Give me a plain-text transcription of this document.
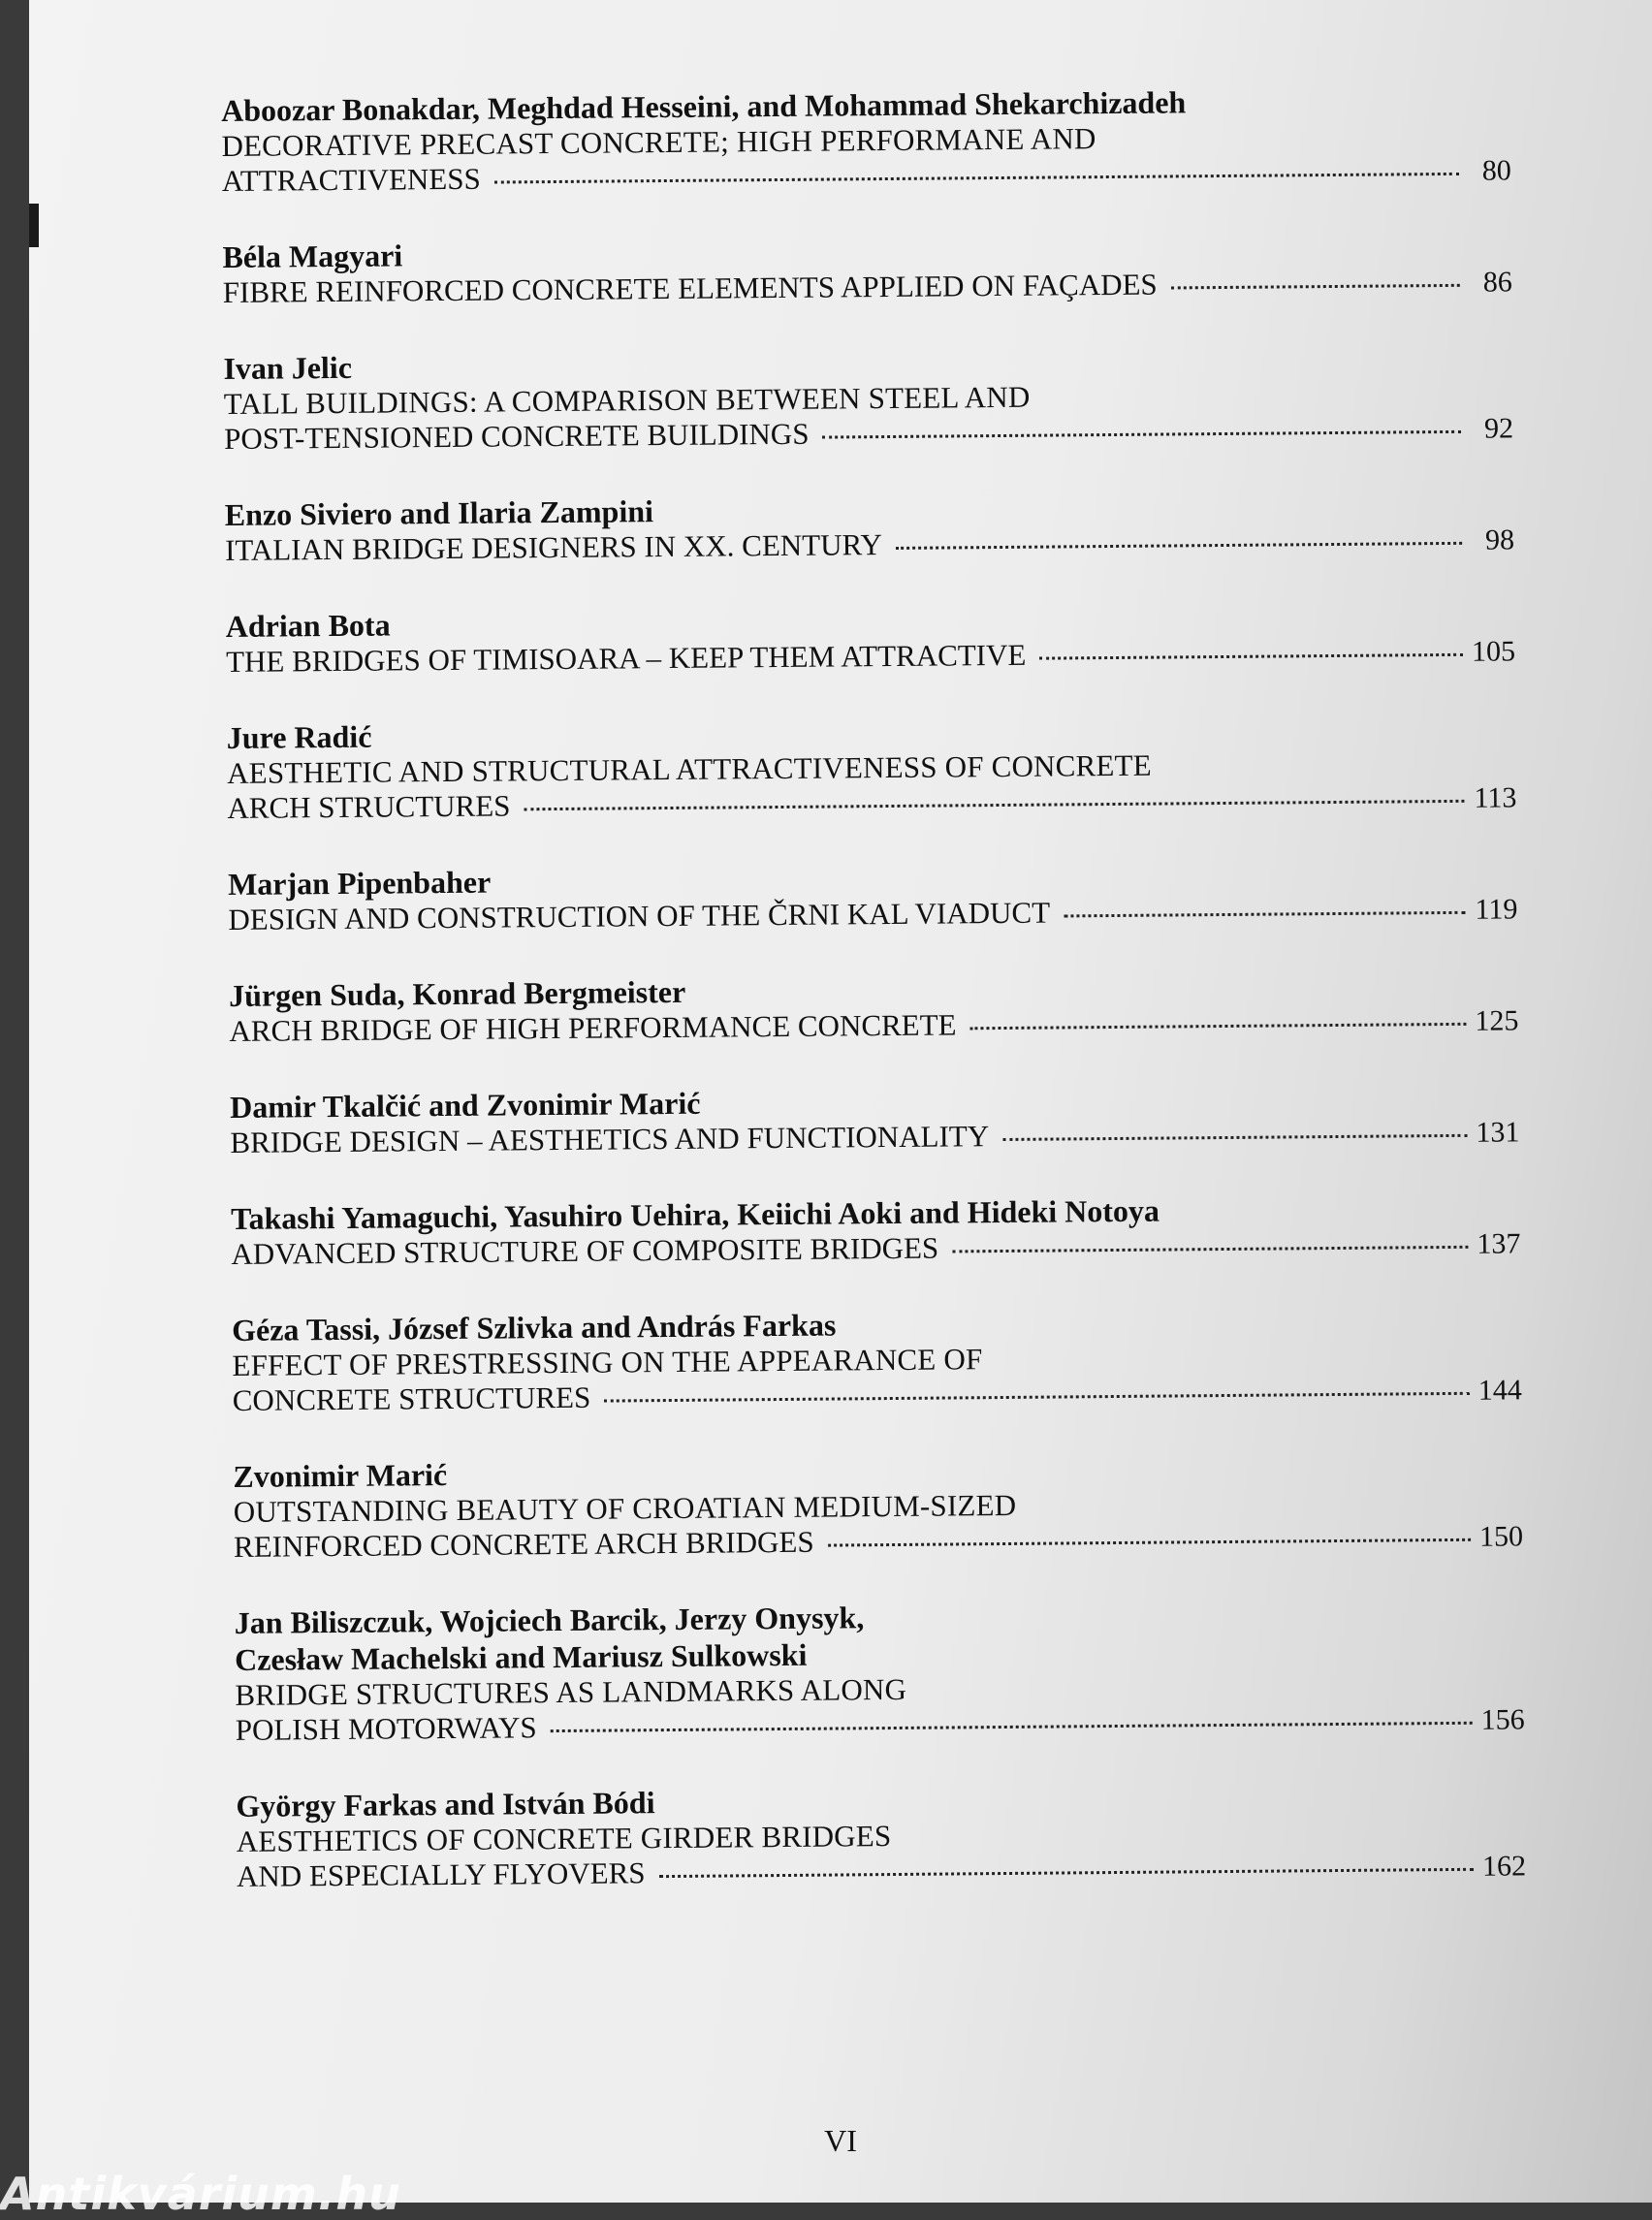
Aboozar Bonakdar, Meghdad Hesseini, and Mohammad Shekarchizadeh
DECORATIVE PRECAST CONCRETE; HIGH PERFORMANE AND
ATTRACTIVENESS	80
Béla Magyari
FIBRE REINFORCED CONCRETE ELEMENTS APPLIED ON FAÇADES	86
Ivan Jelic
TALL BUILDINGS: A COMPARISON BETWEEN STEEL AND
POST-TENSIONED CONCRETE BUILDINGS	92
Enzo Siviero and Ilaria Zampini
ITALIAN BRIDGE DESIGNERS IN XX. CENTURY	98
Adrian Bota
THE BRIDGES OF TIMISOARA – KEEP THEM ATTRACTIVE	105
Jure Radić
AESTHETIC AND STRUCTURAL ATTRACTIVENESS OF CONCRETE
ARCH STRUCTURES	113
Marjan Pipenbaher
DESIGN AND CONSTRUCTION OF THE ČRNI KAL VIADUCT	119
Jürgen Suda, Konrad Bergmeister
ARCH BRIDGE OF HIGH PERFORMANCE CONCRETE	125
Damir Tkalčić and Zvonimir Marić
BRIDGE DESIGN – AESTHETICS AND FUNCTIONALITY	131
Takashi Yamaguchi, Yasuhiro Uehira, Keiichi Aoki and Hideki Notoya
ADVANCED STRUCTURE OF COMPOSITE BRIDGES	137
Géza Tassi, József Szlivka and András Farkas
EFFECT OF PRESTRESSING ON THE APPEARANCE OF
CONCRETE STRUCTURES	144
Zvonimir Marić
OUTSTANDING BEAUTY OF CROATIAN MEDIUM-SIZED
REINFORCED CONCRETE ARCH BRIDGES	150
Jan Biliszczuk, Wojciech Barcik, Jerzy Onysyk,
Czesław Machelski and Mariusz Sulkowski
BRIDGE STRUCTURES AS LANDMARKS ALONG
POLISH MOTORWAYS	156
György Farkas and István Bódi
AESTHETICS OF CONCRETE GIRDER BRIDGES
AND ESPECIALLY FLYOVERS	162
VI
Antikvárium.hu
